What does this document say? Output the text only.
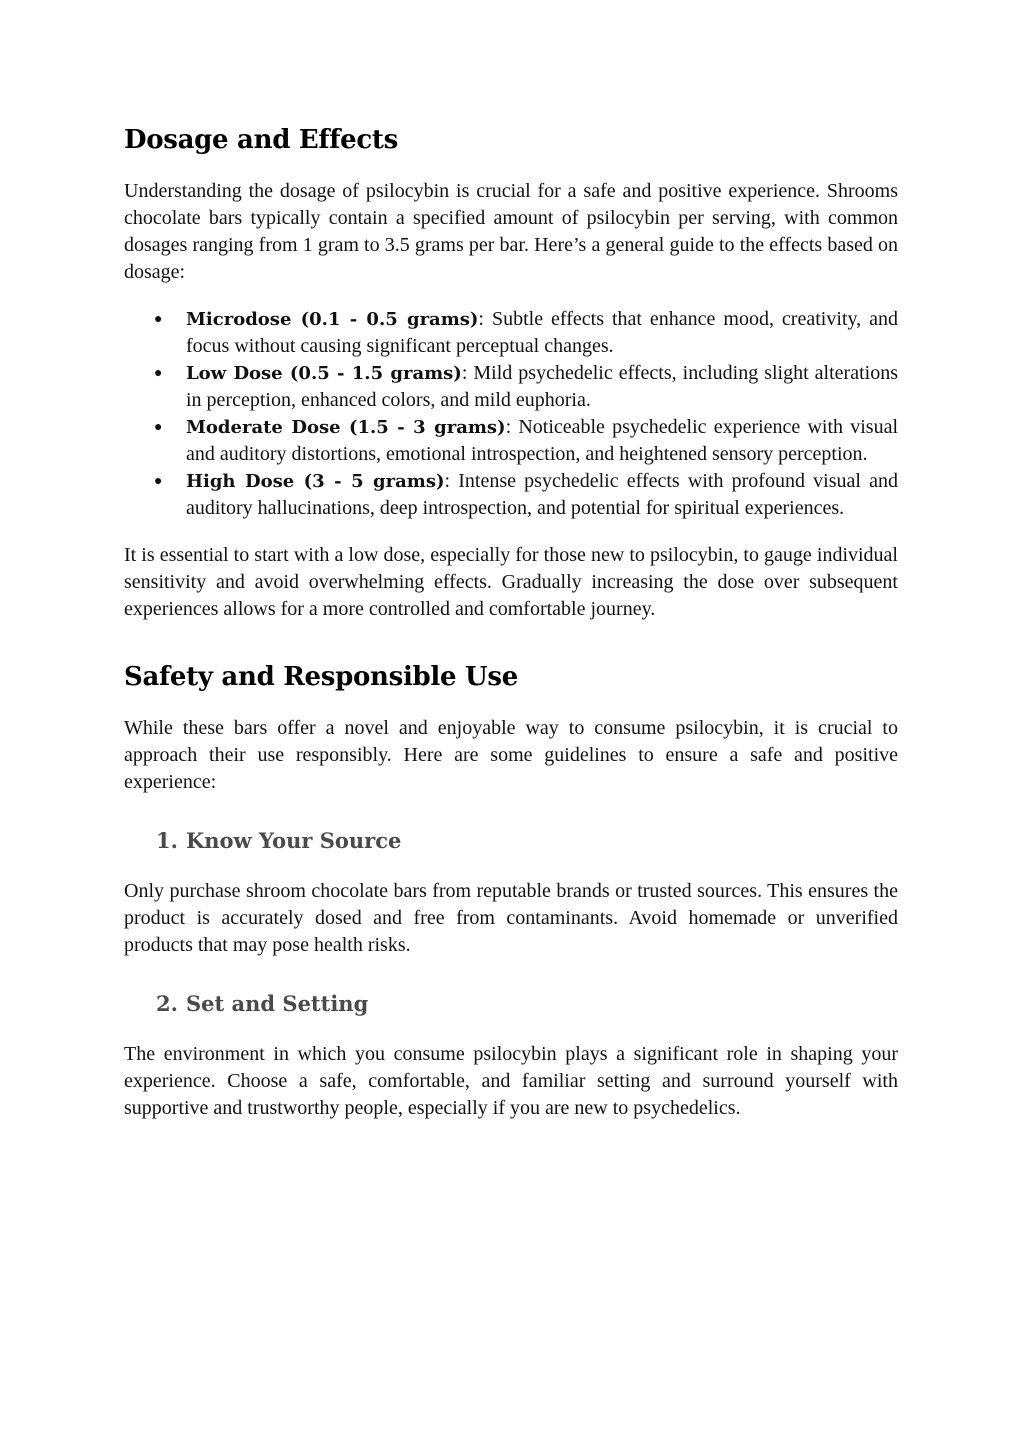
Dosage and Effects

Understanding the dosage of psilocybin is crucial for a safe and positive experience. Shrooms chocolate bars typically contain a specified amount of psilocybin per serving, with common dosages ranging from 1 gram to 3.5 grams per bar. Here’s a general guide to the effects based on dosage:

● Microdose (0.1 - 0.5 grams): Subtle effects that enhance mood, creativity, and focus without causing significant perceptual changes.
● Low Dose (0.5 - 1.5 grams): Mild psychedelic effects, including slight alterations in perception, enhanced colors, and mild euphoria.
● Moderate Dose (1.5 - 3 grams): Noticeable psychedelic experience with visual and auditory distortions, emotional introspection, and heightened sensory perception.
● High Dose (3 - 5 grams): Intense psychedelic effects with profound visual and auditory hallucinations, deep introspection, and potential for spiritual experiences.

It is essential to start with a low dose, especially for those new to psilocybin, to gauge individual sensitivity and avoid overwhelming effects. Gradually increasing the dose over subsequent experiences allows for a more controlled and comfortable journey.

Safety and Responsible Use

While these bars offer a novel and enjoyable way to consume psilocybin, it is crucial to approach their use responsibly. Here are some guidelines to ensure a safe and positive experience:

1. Know Your Source

Only purchase shroom chocolate bars from reputable brands or trusted sources. This ensures the product is accurately dosed and free from contaminants. Avoid homemade or unverified products that may pose health risks.

2. Set and Setting

The environment in which you consume psilocybin plays a significant role in shaping your experience. Choose a safe, comfortable, and familiar setting and surround yourself with supportive and trustworthy people, especially if you are new to psychedelics.
